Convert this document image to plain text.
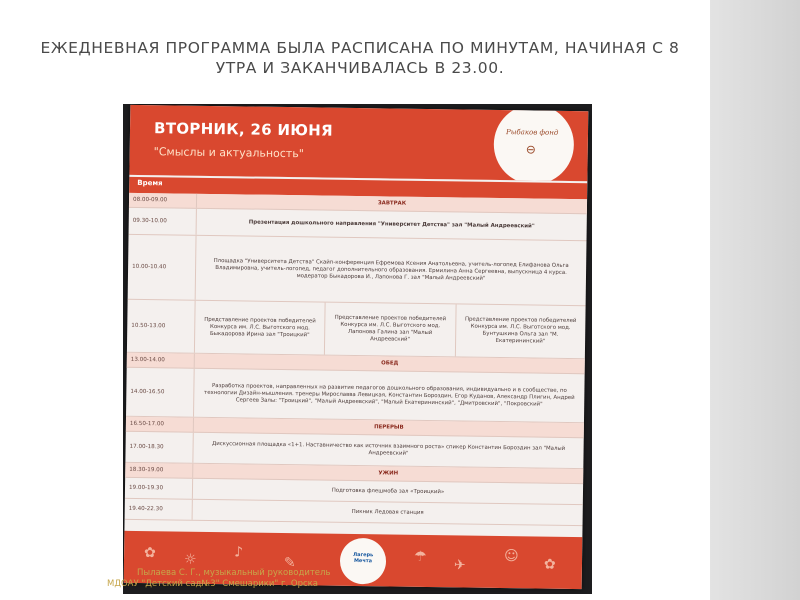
ЕЖЕДНЕВНАЯ ПРОГРАММА БЫЛА РАСПИСАНА ПО МИНУТАМ, НАЧИНАЯ С 8 УТРА И ЗАКАНЧИВАЛАСЬ В 23.00.
ВТОРНИК, 26 ИЮНЯ
"Смыслы и актуальность"
Рыбаков фонд
⊖
Время
08.00-09.00	ЗАВТРАК
09.30-10.00	Презентация дошкольного направления "Университет Детства" зал "Малый Андреевский"
10.00-10.40	Площадка "Университета Детства" Скайп-конференция Ефремова Ксения Анатольевна, учитель-логопед Елифанова Ольга Владимировна, учитель-логопед, педагог дополнительного образования. Ермилина Анна Сергеевна, выпускница 4 курса. модератор Быкадорова И., Лапонова Г. зал "Малый Андреевский"
10.50-13.00
Представление проектов победителей Конкурса им. Л.С. Выготского мод. Быкадорова Ирина зал "Троицкий"
Представление проектов победителей Конкурса им. Л.С. Выготского мод. Лапонова Галина зал "Малый Андреевский"
Представление проектов победителей Конкурса им. Л.С. Выготского мод. Бунтушкина Ольга зал "М. Екатерининский"
13.00-14.00	ОБЕД
14.00-16.50	Разработка проектов, направленных на развитие педагогов дошкольного образования, индивидуально и в сообществе, по технологии Дизайн-мышления. тренеры Мирославва Левицкая, Константин Бороздин, Егор Куданов, Александр Плигин, Андрей Сергеев Залы: "Троицкий", "Малый Андреевский", "Малый Екатерининский", "Дмитровский", "Покровский"
16.50-17.00	ПЕРЕРЫВ
17.00-18.30	Дискуссионная площадка «1+1. Наставничество как источник взаимного роста» спикер Константин Бороздин зал "Малый Андреевский"
18.30-19.00	УЖИН
19.00-19.30	Подготовка флешмоба зал «Троицкий»
19.40-22.30	Пикник Ледовая станция
✿ ☼	♪
✎	Лагерь Мечта	☂
✈
☺
✿
Пылаева С. Г., музыкальный руководитель
МДОАУ "Детский сад№3" Смешарики" г. Орска
